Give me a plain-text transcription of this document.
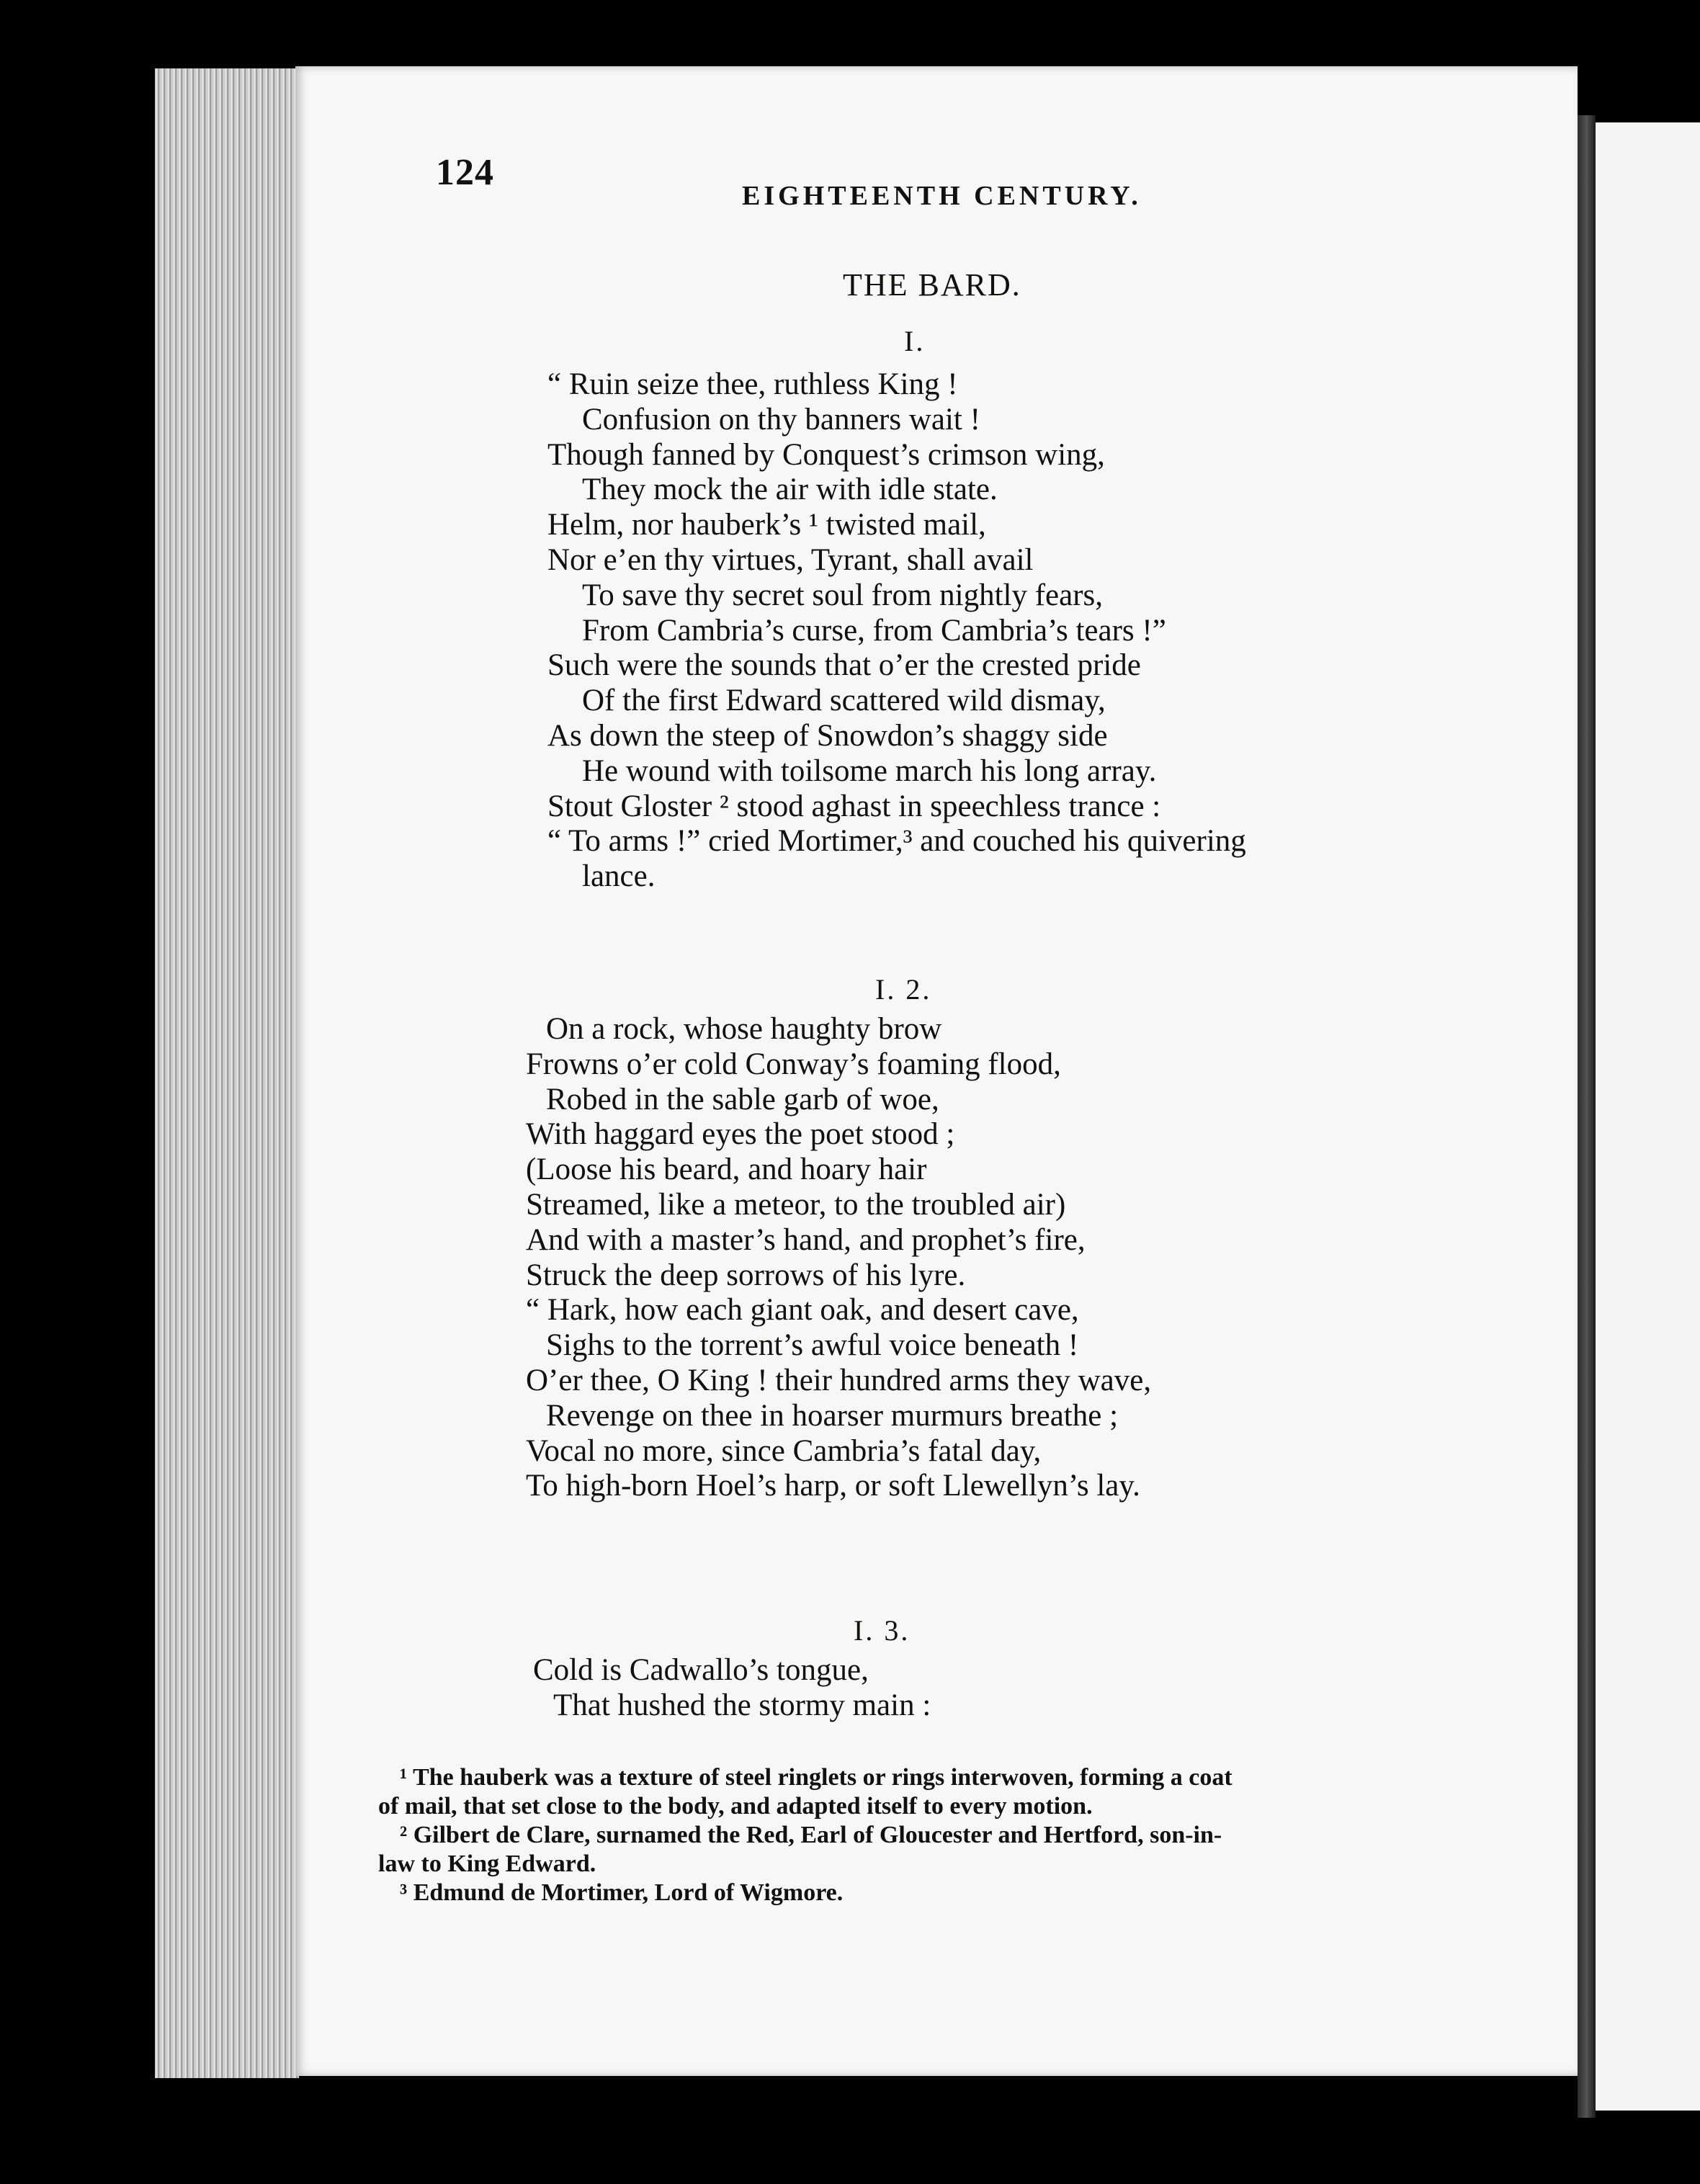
124
EIGHTEENTH CENTURY.
THE BARD.
I.
“ Ruin seize thee, ruthless King !
Confusion on thy banners wait !
Though fanned by Conquest’s crimson wing,
They mock the air with idle state.
Helm, nor hauberk’s ¹ twisted mail,
Nor e’en thy virtues, Tyrant, shall avail
To save thy secret soul from nightly fears,
From Cambria’s curse, from Cambria’s tears !”
Such were the sounds that o’er the crested pride
Of the first Edward scattered wild dismay,
As down the steep of Snowdon’s shaggy side
He wound with toilsome march his long array.
Stout Gloster ² stood aghast in speechless trance :
“ To arms !” cried Mortimer,³ and couched his quivering
lance.
I. 2.
On a rock, whose haughty brow
Frowns o’er cold Conway’s foaming flood,
Robed in the sable garb of woe,
With haggard eyes the poet stood ;
(Loose his beard, and hoary hair
Streamed, like a meteor, to the troubled air)
And with a master’s hand, and prophet’s fire,
Struck the deep sorrows of his lyre.
“ Hark, how each giant oak, and desert cave,
Sighs to the torrent’s awful voice beneath !
O’er thee, O King ! their hundred arms they wave,
Revenge on thee in hoarser murmurs breathe ;
Vocal no more, since Cambria’s fatal day,
To high-born Hoel’s harp, or soft Llewellyn’s lay.
I. 3.
Cold is Cadwallo’s tongue,
That hushed the stormy main :
¹ The hauberk was a texture of steel ringlets or rings interwoven, forming a coat
of mail, that set close to the body, and adapted itself to every motion.
² Gilbert de Clare, surnamed the Red, Earl of Gloucester and Hertford, son-in-
law to King Edward.
³ Edmund de Mortimer, Lord of Wigmore.
